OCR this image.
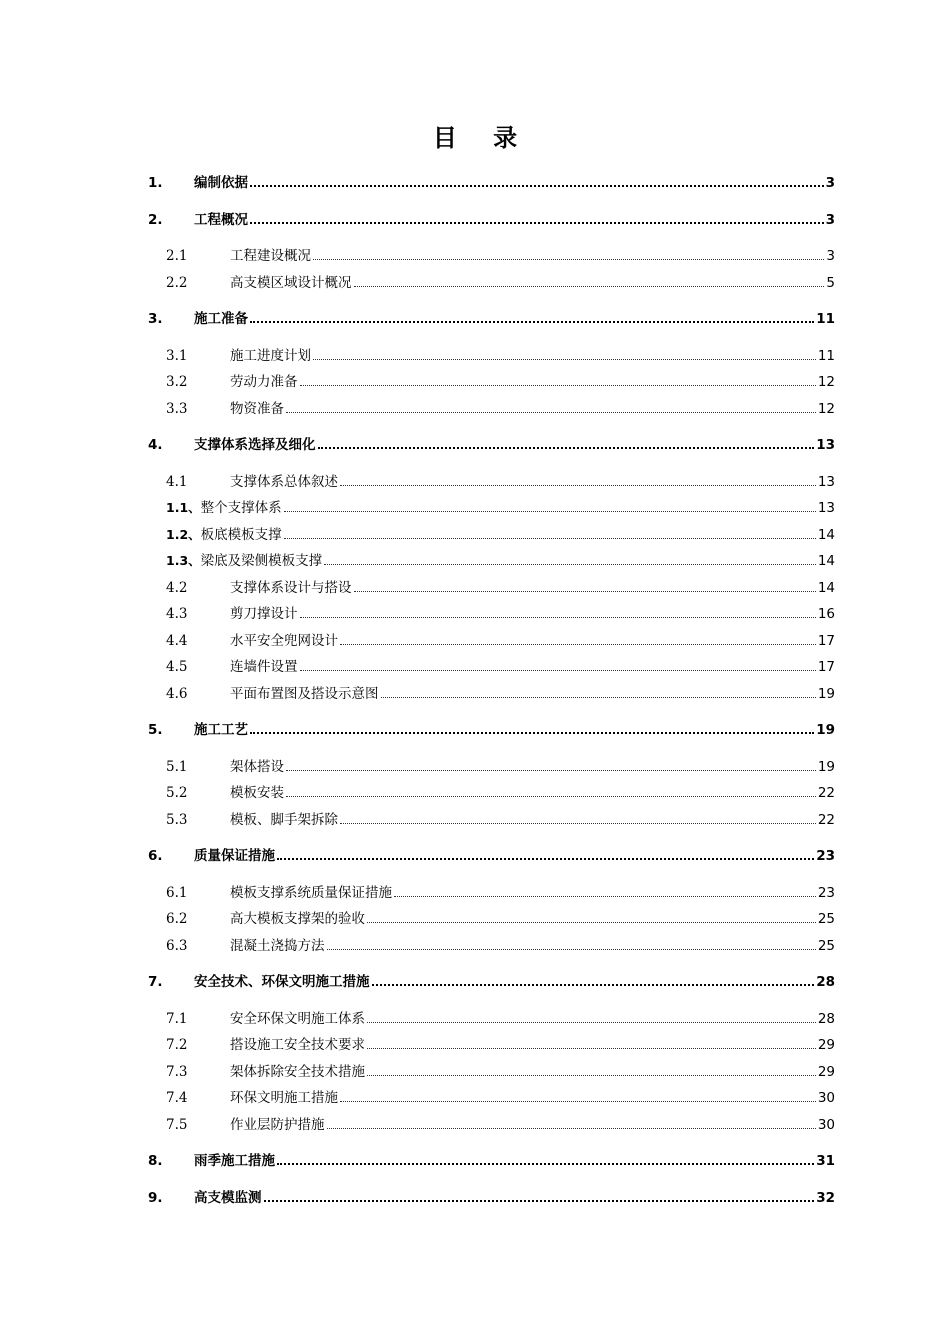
目 录
1.	编制依据	3
2.	工程概况	3
2.1	工程建设概况	3
2.2	高支模区域设计概况	5
3.	施工准备	11
3.1	施工进度计划	11
3.2	劳动力准备	12
3.3	物资准备	12
4.	支撑体系选择及细化	13
4.1	支撑体系总体叙述	13
1.1、 整个支撑体系	13
1.2、 板底模板支撑	14
1.3、 梁底及梁侧模板支撑	14
4.2	支撑体系设计与搭设	14
4.3	剪刀撑设计	16
4.4	水平安全兜网设计	17
4.5	连墙件设置	17
4.6	平面布置图及搭设示意图	19
5.	施工工艺	19
5.1	架体搭设	19
5.2	模板安装	22
5.3	模板、脚手架拆除	22
6.	质量保证措施	23
6.1	模板支撑系统质量保证措施	23
6.2	高大模板支撑架的验收	25
6.3	混凝土浇捣方法	25
7.	安全技术、环保文明施工措施	28
7.1	安全环保文明施工体系	28
7.2	搭设施工安全技术要求	29
7.3	架体拆除安全技术措施	29
7.4	环保文明施工措施	30
7.5	作业层防护措施	30
8.	雨季施工措施	31
9.	高支模监测	32
